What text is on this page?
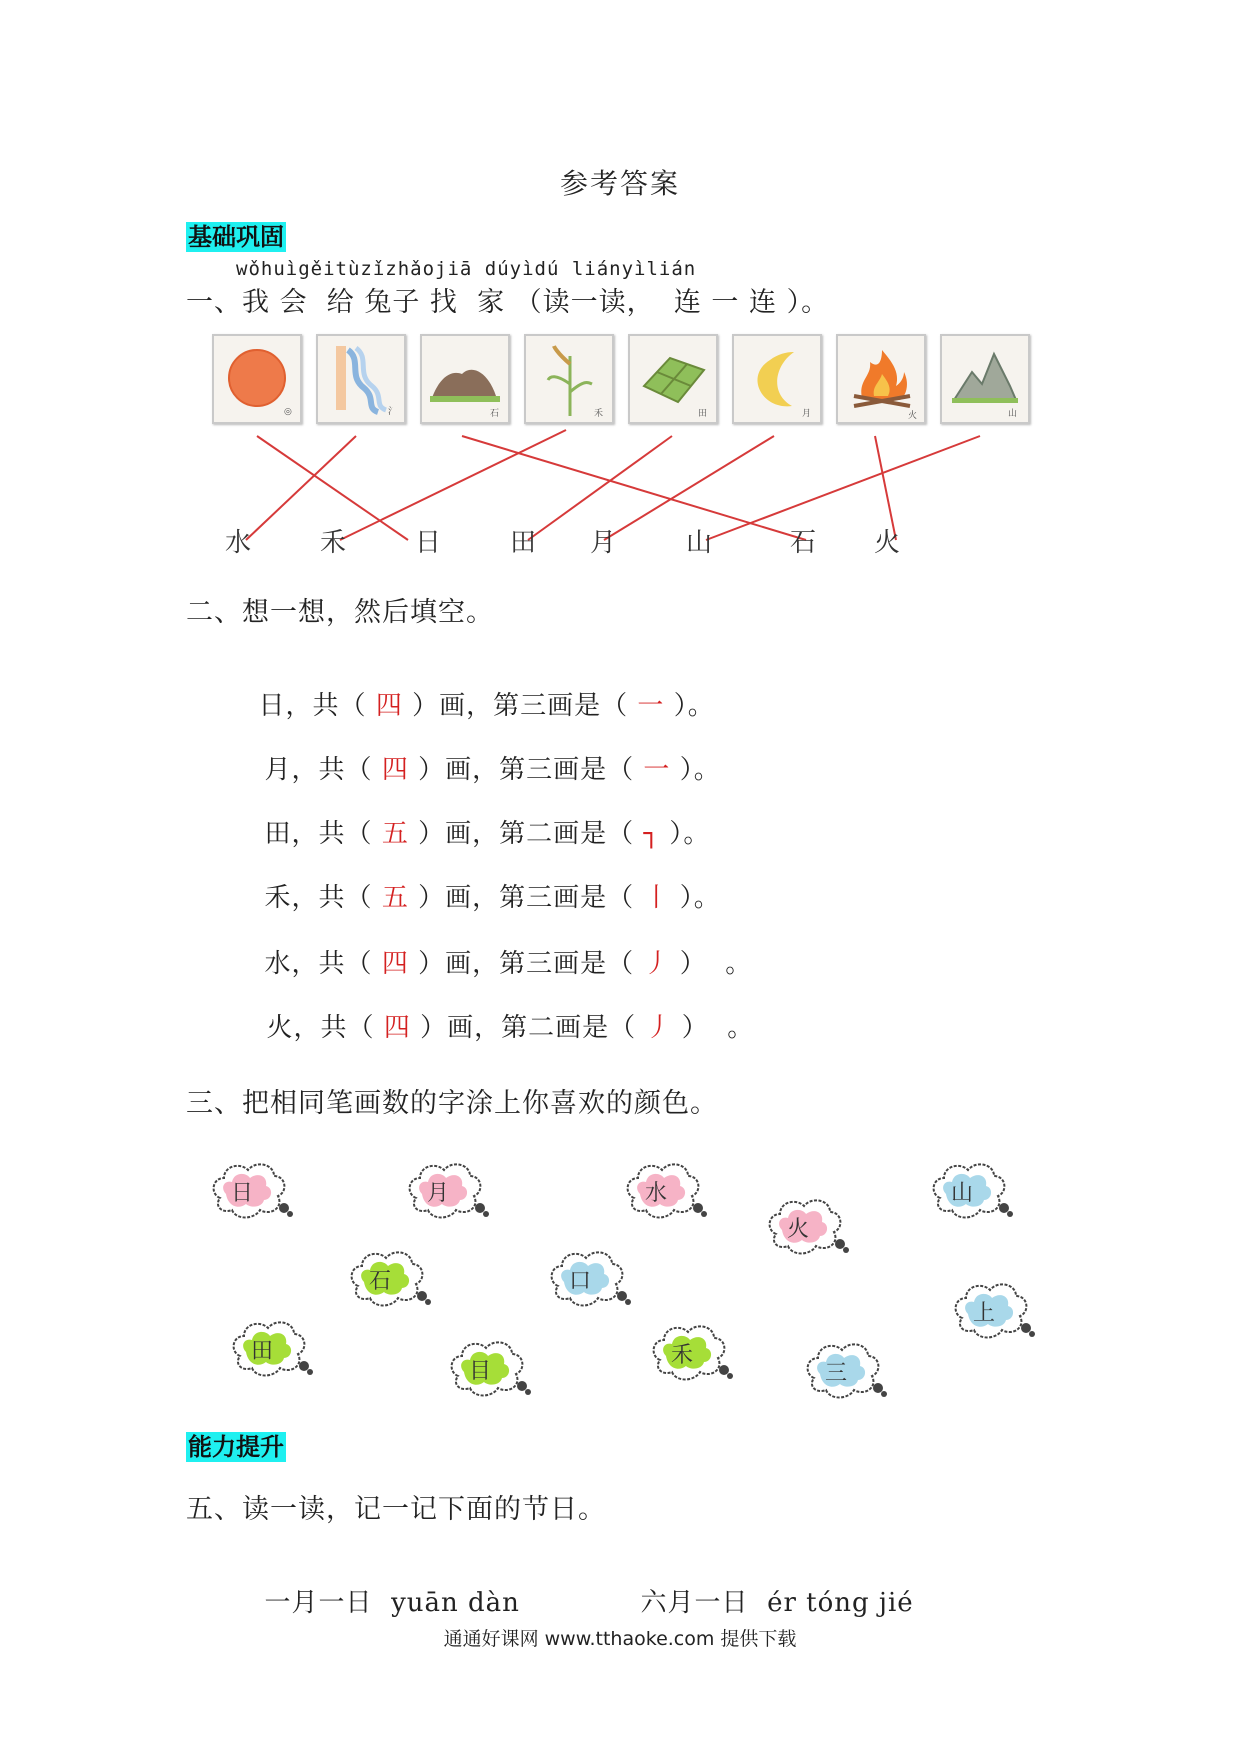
参考答案
基础巩固
wǒhuìgěitùzǐzhǎojiā dúyìdú liányìlián
一、我 会  给 兔子 找  家 （读一读，  连 一 连 ）。
◎	氵	石	禾	田	月	火	山
水	禾	日	田 月	山	石 火
二、想一想，然后填空。

日，共（ 四 ）画，第三画是（ 一 ）。

月，共（ 四 ）画，第三画是（ 一 ）。

田，共（ 五 ）画，第二画是（ ┐ ）。

禾，共（ 五 ）画，第三画是（ 丨 ）。

水，共（ 四 ）画，第三画是（ 丿 ）  。

火，共（ 四 ）画，第二画是（ 丿 ）  。

三、把相同笔画数的字涂上你喜欢的颜色。
日	月	水
火
山
石	口
上
田
目
禾
三
能力提升
五、读一读，记一记下面的节日。

一月一日 yuān dàn	六月一日 ér tóng jié

通通好课网 www.tthaoke.com 提供下载
